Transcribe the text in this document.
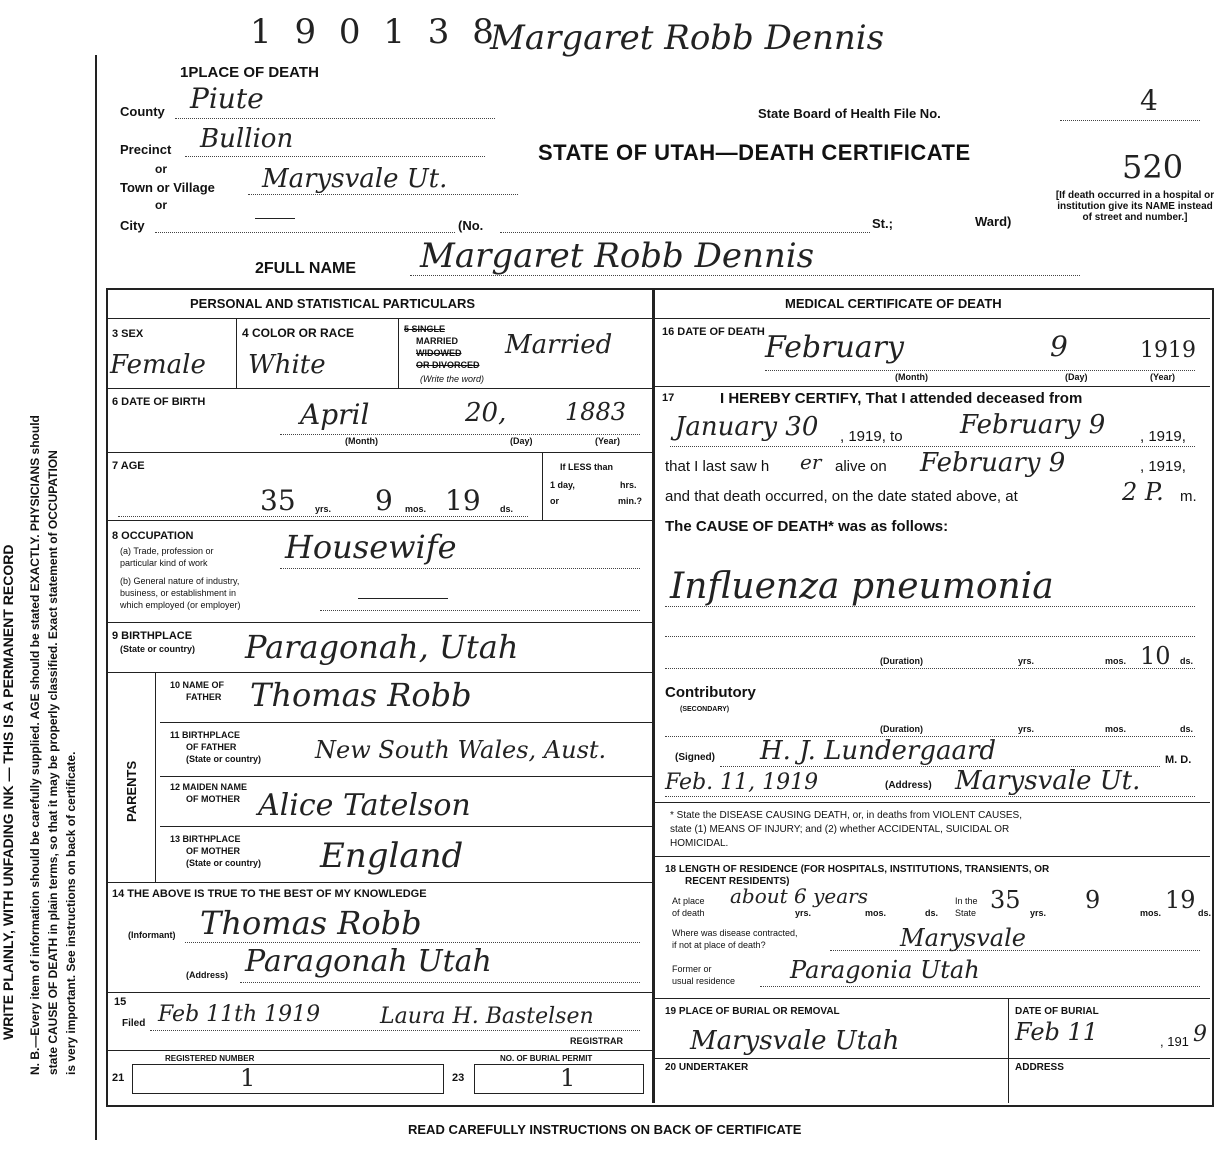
1 9 0 1 3 8
Margaret Robb Dennis
WRITE PLAINLY, WITH UNFADING INK — THIS IS A PERMANENT RECORD N. B.—Every item of information should be carefully supplied. AGE should be stated EXACTLY. PHYSICIANS should state CAUSE OF DEATH in plain terms, so that it may be properly classified. Exact statement of OCCUPATION is very important. See instructions on back of certificate.
1PLACE OF DEATH
County Piute	State Board of Health File No.	4
Precinct Bullion	STATE OF UTAH—DEATH CERTIFICATE	520
or
Town or Village Marysvale Ut.
[If death occurred in a hospital or institution give its NAME instead of street and number.]
or
City	(No.	St.;	Ward)
2FULL NAME Margaret Robb Dennis
PERSONAL AND STATISTICAL PARTICULARS
3 SEX
Female
4 COLOR OR RACE
White
5 SINGLE
MARRIED
WIDOWED
OR DIVORCED
(Write the word)
Married
6 DATE OF BIRTH	April	20, 1883
(Month)	(Day)	(Year)
7 AGE
35 yrs. 9 mos. 19 ds.
If LESS than
1 day,	hrs.
or	min.?
8 OCCUPATION
(a) Trade, profession or
particular kind of work Housewife
(b) General nature of industry,
business, or establishment in
which employed (or employer)
9 BIRTHPLACE
(State or country) Paragonah, Utah
PARENTS
10 NAME OF
FATHER Thomas Robb
11 BIRTHPLACE
OF FATHER
(State or country) New South Wales, Aust.
12 MAIDEN NAME
OF MOTHER Alice Tatelson
13 BIRTHPLACE
OF MOTHER
(State or country) England
14 THE ABOVE IS TRUE TO THE BEST OF MY KNOWLEDGE
(Informant) Thomas Robb
(Address) Paragonah Utah
15
Filed Feb 11th 1919	Laura H. Bastelsen
REGISTRAR
REGISTERED NUMBER
21	1
NO. OF BURIAL PERMIT
23	1
MEDICAL CERTIFICATE OF DEATH
16 DATE OF DEATH February	9	1919
(Month)	(Day)	(Year)
17	I HEREBY CERTIFY, That I attended deceased from
January 30 , 1919, to February 9 , 1919,
that I last saw h er alive on February 9	, 1919,
and that death occurred, on the date stated above, at	2 P. m.
The CAUSE OF DEATH* was as follows:
Influenza pneumonia
(Duration)	yrs.	mos. 10 ds.
Contributory
(SECONDARY)
(Duration)	yrs.	mos.	ds.
(Signed) H. J. Lundergaard	M. D.
Feb. 11, 1919	(Address) Marysvale Ut.
* State the DISEASE CAUSING DEATH, or, in deaths from VIOLENT CAUSES,
state (1) MEANS OF INJURY; and (2) whether ACCIDENTAL, SUICIDAL OR
HOMICIDAL.
18 LENGTH OF RESIDENCE (FOR HOSPITALS, INSTITUTIONS, TRANSIENTS, OR
RECENT RESIDENTS)
At place
of death
about 6 years
yrs.	mos.	ds.
In the
State 35 yrs. 9	mos. 19 ds.
Where was disease contracted,
if not at place of death?	Marysvale
Former or
usual residence Paragonia Utah
19 PLACE OF BURIAL OR REMOVAL
Marysvale Utah
DATE OF BURIAL
Feb 11	, 191 9
20 UNDERTAKER	ADDRESS
READ CAREFULLY INSTRUCTIONS ON BACK OF CERTIFICATE
